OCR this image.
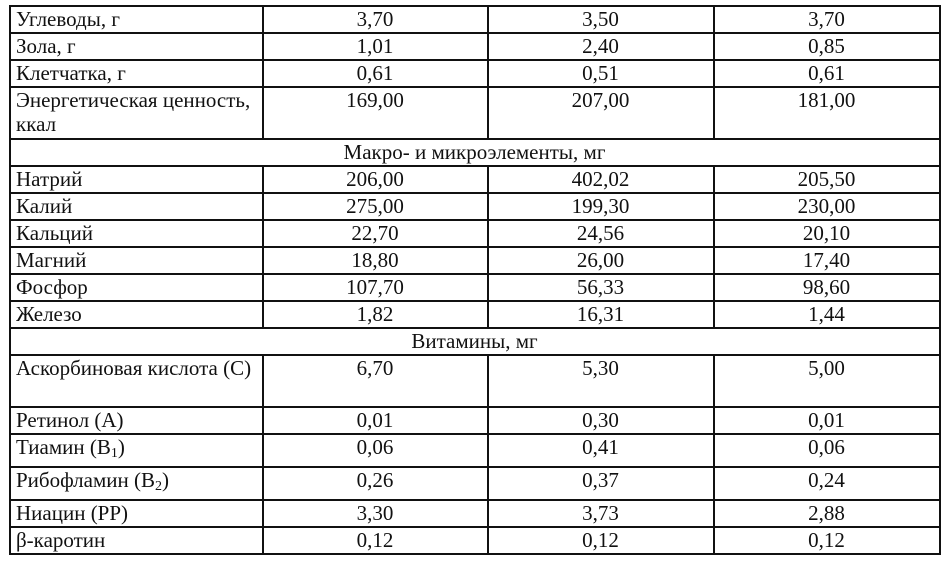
Углеводы, г	3,70	3,50	3,70
Зола, г	1,01	2,40	0,85
Клетчатка, г	0,61	0,51	0,61
Энергетическая ценность, ккал	169,00	207,00	181,00
Макро- и микроэлементы, мг			
Натрий	206,00	402,02	205,50
Калий	275,00	199,30	230,00
Кальций	22,70	24,56	20,10
Магний	18,80	26,00	17,40
Фосфор	107,70	56,33	98,60
Железо	1,82	16,31	1,44
Витамины, мг			
Аскорбиновая кислота (С)	6,70	5,30	5,00
Ретинол (А)	0,01	0,30	0,01
Тиамин $(В_1)$	0,06	0,41	0,06
Рибофламин $(В_2)$	0,26	0,37	0,24
Ниацин (РР)	3,30	3,73	2,88
β-каротин	0,12	0,12	0,12
